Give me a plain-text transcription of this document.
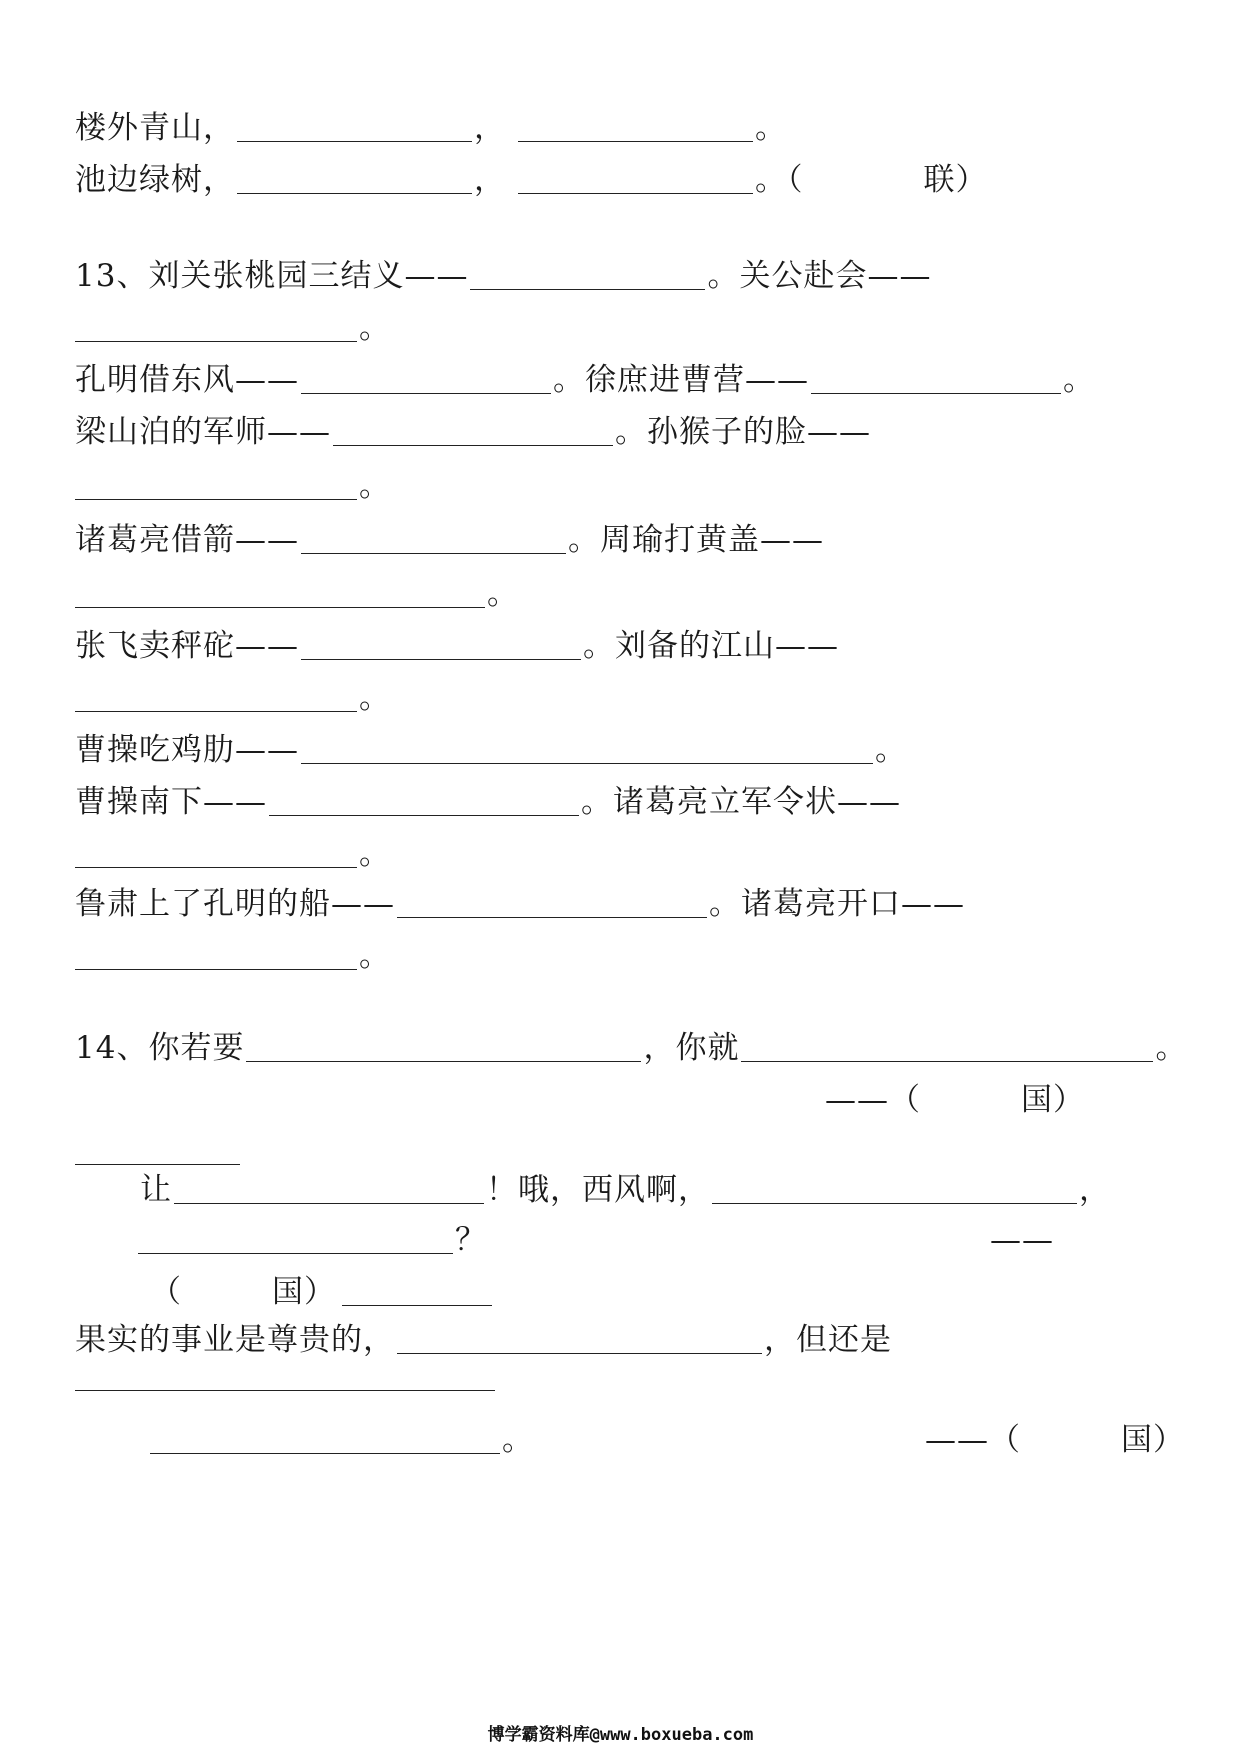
楼外青山，	，	。
池边绿树，	，	。（	联）
13、刘关张桃园三结义——	。关公赴会——
。
孔明借东风——	。 徐庶进曹营——	。
梁山泊的军师——	。 孙猴子的脸——
。
诸葛亮借箭——	。 周瑜打黄盖——
。
张飞卖秤砣——	。 刘备的江山——
。
曹操吃鸡肋——	。
曹操南下——	。 诸葛亮立军令状——
。
鲁肃上了孔明的船——	。 诸葛亮开口——
。
14、你若要	，你就	。
——（	国）
让	！哦，西风啊，	，
？	——
（	国）
果实的事业是尊贵的，	，但还是
。	——（	国）
博学霸资料库@www.boxueba.com
